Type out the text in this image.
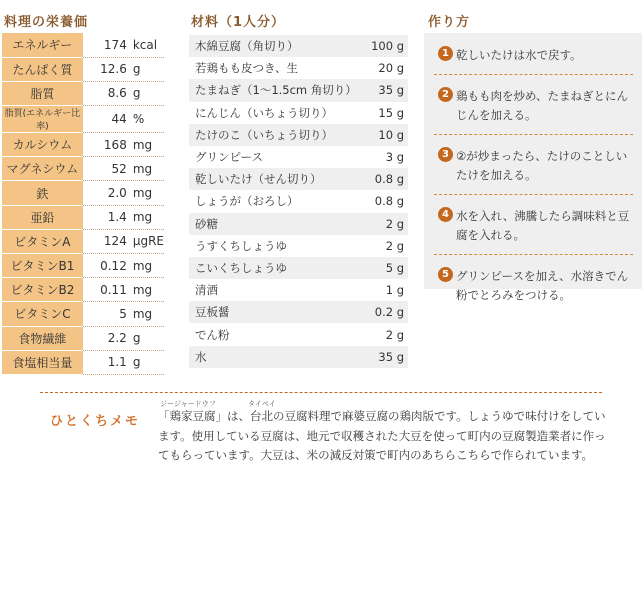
料理の栄養価
エネルギー	174 kcal
たんぱく質	12.6 g
脂質	8.6 g
脂質(エネルギー比率)	44 %
カルシウム	168 mg
マグネシウム	52 mg
鉄	2.0 mg
亜鉛	1.4 mg
ビタミンA	124 µgRE
ビタミンB1	0.12 mg
ビタミンB2	0.11 mg
ビタミンC	5 mg
食物繊維	2.2 g
食塩相当量	1.1 g
材料（1人分）
木綿豆腐（角切り）	100 g
若鶏もも皮つき、生	20 g
たまねぎ（1～1.5cm 角切り）	35 g
にんじん（いちょう切り）	15 g
たけのこ（いちょう切り）	10 g
グリンピース	3 g
乾しいたけ（せん切り）	0.8 g
しょうが（おろし）	0.8 g
砂糖	2 g
うすくちしょうゆ	2 g
こいくちしょうゆ	5 g
清酒	1 g
豆板醤	0.2 g
でん粉	2 g
水	35 g
作り方
1 乾しいたけは水で戻す。
2 鶏もも肉を炒め、たまねぎとにんじんを加える。
3 ②が炒まったら、たけのことしいたけを加える。
4 水を入れ、沸騰したら調味料と豆腐を入れる。
5 グリンピースを加え、水溶きでん粉でとろみをつける。
ひとくちメモ
ジージャードウフ	タイペイ
「鶏家豆腐」は、台北の豆腐料理で麻婆豆腐の鶏肉版です。しょうゆで味付けをしています。使用している豆腐は、地元で収穫された大豆を使って町内の豆腐製造業者に作ってもらっています。大豆は、米の減反対策で町内のあちらこちらで作られています。
